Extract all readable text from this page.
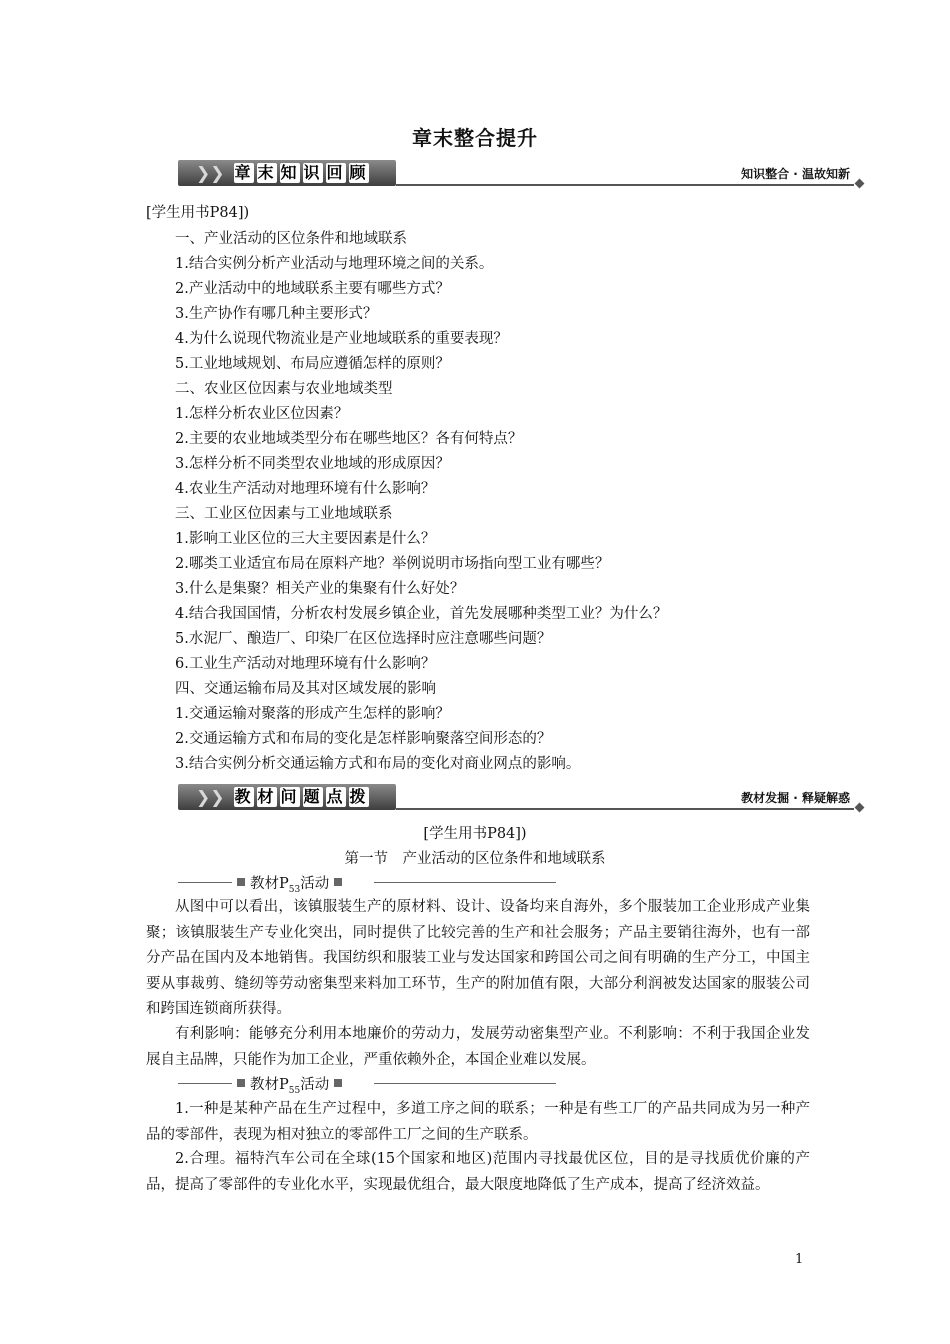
章末整合提升
❯❯ 章 末 知 识 回 顾	知识整合 · 温故知新
[学生用书P84])
一、产业活动的区位条件和地域联系
1.结合实例分析产业活动与地理环境之间的关系。
2.产业活动中的地域联系主要有哪些方式？
3.生产协作有哪几种主要形式？
4.为什么说现代物流业是产业地域联系的重要表现？
5.工业地域规划、布局应遵循怎样的原则？
二、农业区位因素与农业地域类型
1.怎样分析农业区位因素？
2.主要的农业地域类型分布在哪些地区？各有何特点？
3.怎样分析不同类型农业地域的形成原因？
4.农业生产活动对地理环境有什么影响？
三、工业区位因素与工业地域联系
1.影响工业区位的三大主要因素是什么？
2.哪类工业适宜布局在原料产地？举例说明市场指向型工业有哪些？
3.什么是集聚？相关产业的集聚有什么好处？
4.结合我国国情，分析农村发展乡镇企业，首先发展哪种类型工业？为什么？
5.水泥厂、酿造厂、印染厂在区位选择时应注意哪些问题？
6.工业生产活动对地理环境有什么影响？
四、交通运输布局及其对区域发展的影响
1.交通运输对聚落的形成产生怎样的影响？
2.交通运输方式和布局的变化是怎样影响聚落空间形态的？
3.结合实例分析交通运输方式和布局的变化对商业网点的影响。
❯❯ 教 材 问 题 点 拨	教材发掘 · 释疑解惑
[学生用书P84])
第一节　产业活动的区位条件和地域联系
教材$P_{53}$活动
从图中可以看出，该镇服装生产的原材料、设计、设备均来自海外，多个服装加工企业形成产业集聚；该镇服装生产专业化突出，同时提供了比较完善的生产和社会服务；产品主要销往海外，也有一部分产品在国内及本地销售。我国纺织和服装工业与发达国家和跨国公司之间有明确的生产分工，中国主要从事裁剪、缝纫等劳动密集型来料加工环节，生产的附加值有限，大部分利润被发达国家的服装公司和跨国连锁商所获得。
有利影响：能够充分利用本地廉价的劳动力，发展劳动密集型产业。不利影响：不利于我国企业发展自主品牌，只能作为加工企业，严重依赖外企，本国企业难以发展。
教材$P_{55}$活动
1.一种是某种产品在生产过程中，多道工序之间的联系；一种是有些工厂的产品共同成为另一种产品的零部件，表现为相对独立的零部件工厂之间的生产联系。
2.合理。福特汽车公司在全球(15个国家和地区)范围内寻找最优区位，目的是寻找质优价廉的产品，提高了零部件的专业化水平，实现最优组合，最大限度地降低了生产成本，提高了经济效益。
1
